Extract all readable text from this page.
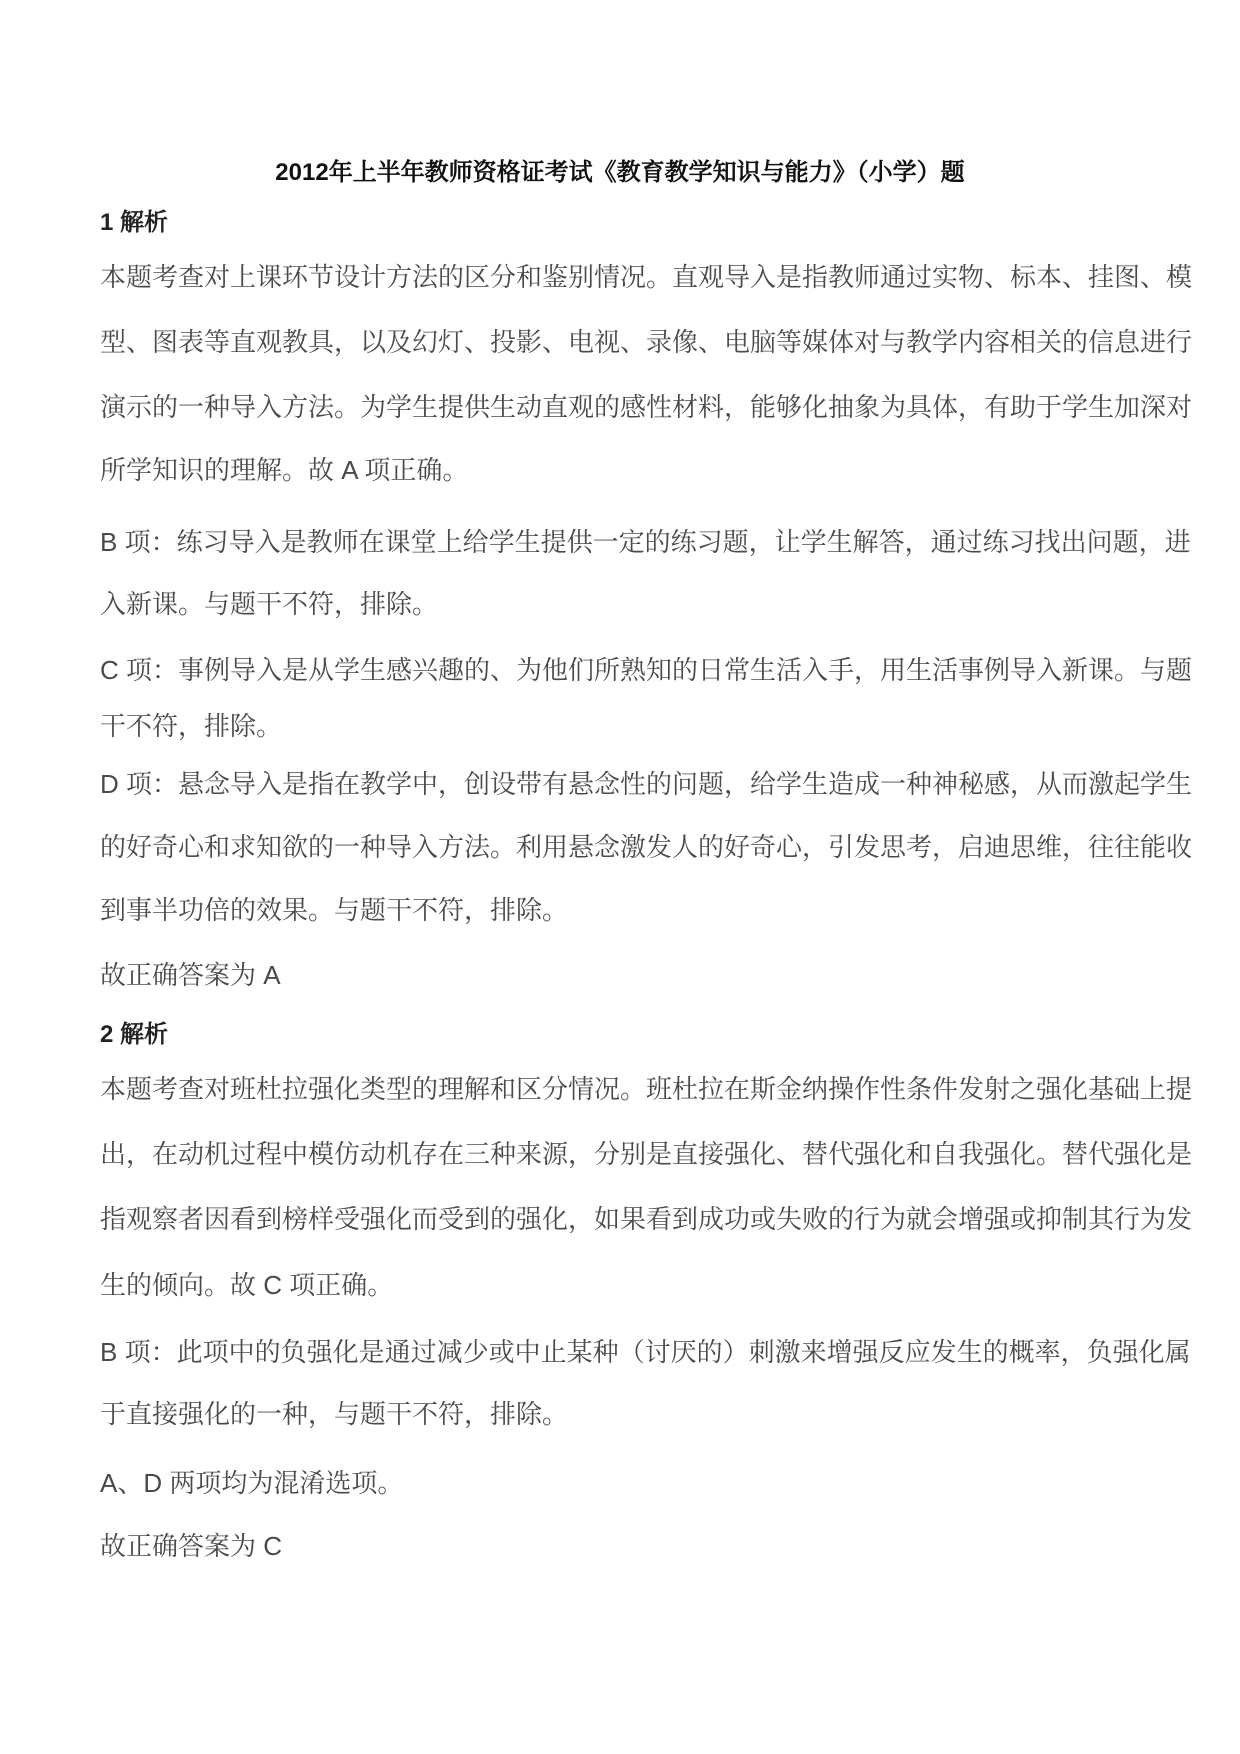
2012年上半年教师资格证考试《教育教学知识与能力》（小学）题
1 解析
本题考查对上课环节设计方法的区分和鉴别情况。直观导入是指教师通过实物、标本、挂图、模
型、图表等直观教具，以及幻灯、投影、电视、录像、电脑等媒体对与教学内容相关的信息进行
演示的一种导入方法。为学生提供生动直观的感性材料，能够化抽象为具体，有助于学生加深对
所学知识的理解。故 A 项正确。
B 项：练习导入是教师在课堂上给学生提供一定的练习题，让学生解答，通过练习找出问题，进
入新课。与题干不符，排除。
C 项：事例导入是从学生感兴趣的、为他们所熟知的日常生活入手，用生活事例导入新课。与题
干不符，排除。
D 项：悬念导入是指在教学中，创设带有悬念性的问题，给学生造成一种神秘感，从而激起学生
的好奇心和求知欲的一种导入方法。利用悬念激发人的好奇心，引发思考，启迪思维，往往能收
到事半功倍的效果。与题干不符，排除。
故正确答案为 A
2 解析
本题考查对班杜拉强化类型的理解和区分情况。班杜拉在斯金纳操作性条件发射之强化基础上提
出，在动机过程中模仿动机存在三种来源，分别是直接强化、替代强化和自我强化。替代强化是
指观察者因看到榜样受强化而受到的强化，如果看到成功或失败的行为就会增强或抑制其行为发
生的倾向。故 C 项正确。
B 项：此项中的负强化是通过减少或中止某种（讨厌的）刺激来增强反应发生的概率，负强化属
于直接强化的一种，与题干不符，排除。
A、D 两项均为混淆选项。
故正确答案为 C
